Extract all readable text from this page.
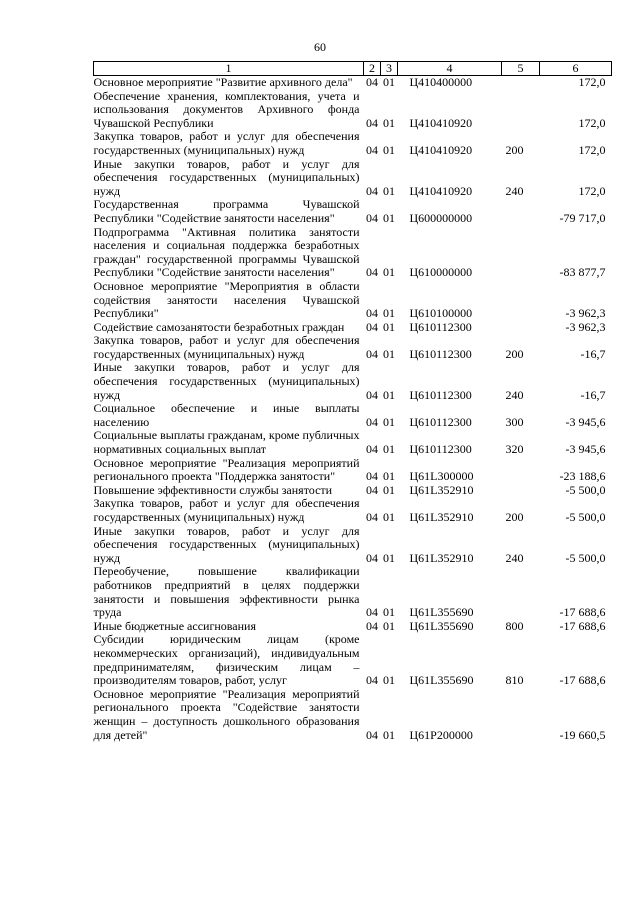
60
1	2	3	4	5	6
Основное мероприятие "Развитие архивного дела"	04	01	Ц410400000		172,0
Обеспечение хранения, комплектования, учета и использования документов Архивного фонда Чувашской Республики	04	01	Ц410410920		172,0
Закупка товаров, работ и услуг для обеспечения государственных (муниципальных) нужд	04	01	Ц410410920	200	172,0
Иные закупки товаров, работ и услуг для обеспечения государственных (муниципальных) нужд	04	01	Ц410410920	240	172,0
Государственная программа Чувашской Республики "Содействие занятости населения"	04	01	Ц600000000		-79 717,0
Подпрограмма "Активная политика занятости населения и социальная поддержка безработных граждан" государственной программы Чувашской Республики "Содействие занятости населения"	04	01	Ц610000000		-83 877,7
Основное мероприятие "Мероприятия в области содействия занятости населения Чувашской Республики"	04	01	Ц610100000		-3 962,3
Содействие самозанятости безработных граждан	04	01	Ц610112300		-3 962,3
Закупка товаров, работ и услуг для обеспечения государственных (муниципальных) нужд	04	01	Ц610112300	200	-16,7
Иные закупки товаров, работ и услуг для обеспечения государственных (муниципальных) нужд	04	01	Ц610112300	240	-16,7
Социальное обеспечение и иные выплаты населению	04	01	Ц610112300	300	-3 945,6
Социальные выплаты гражданам, кроме публичных нормативных социальных выплат	04	01	Ц610112300	320	-3 945,6
Основное мероприятие "Реализация мероприятий регионального проекта "Поддержка занятости"	04	01	Ц61L300000		-23 188,6
Повышение эффективности службы занятости	04	01	Ц61L352910		-5 500,0
Закупка товаров, работ и услуг для обеспечения государственных (муниципальных) нужд	04	01	Ц61L352910	200	-5 500,0
Иные закупки товаров, работ и услуг для обеспечения государственных (муниципальных) нужд	04	01	Ц61L352910	240	-5 500,0
Переобучение, повышение квалификации работников предприятий в целях поддержки занятости и повышения эффективности рынка труда	04	01	Ц61L355690		-17 688,6
Иные бюджетные ассигнования	04	01	Ц61L355690	800	-17 688,6
Субсидии юридическим лицам (кроме некоммерческих организаций), индивидуальным предпринимателям, физическим лицам – производителям товаров, работ, услуг	04	01	Ц61L355690	810	-17 688,6
Основное мероприятие "Реализация мероприятий регионального проекта "Содействие занятости женщин – доступность дошкольного образования для детей"	04	01	Ц61P200000		-19 660,5
